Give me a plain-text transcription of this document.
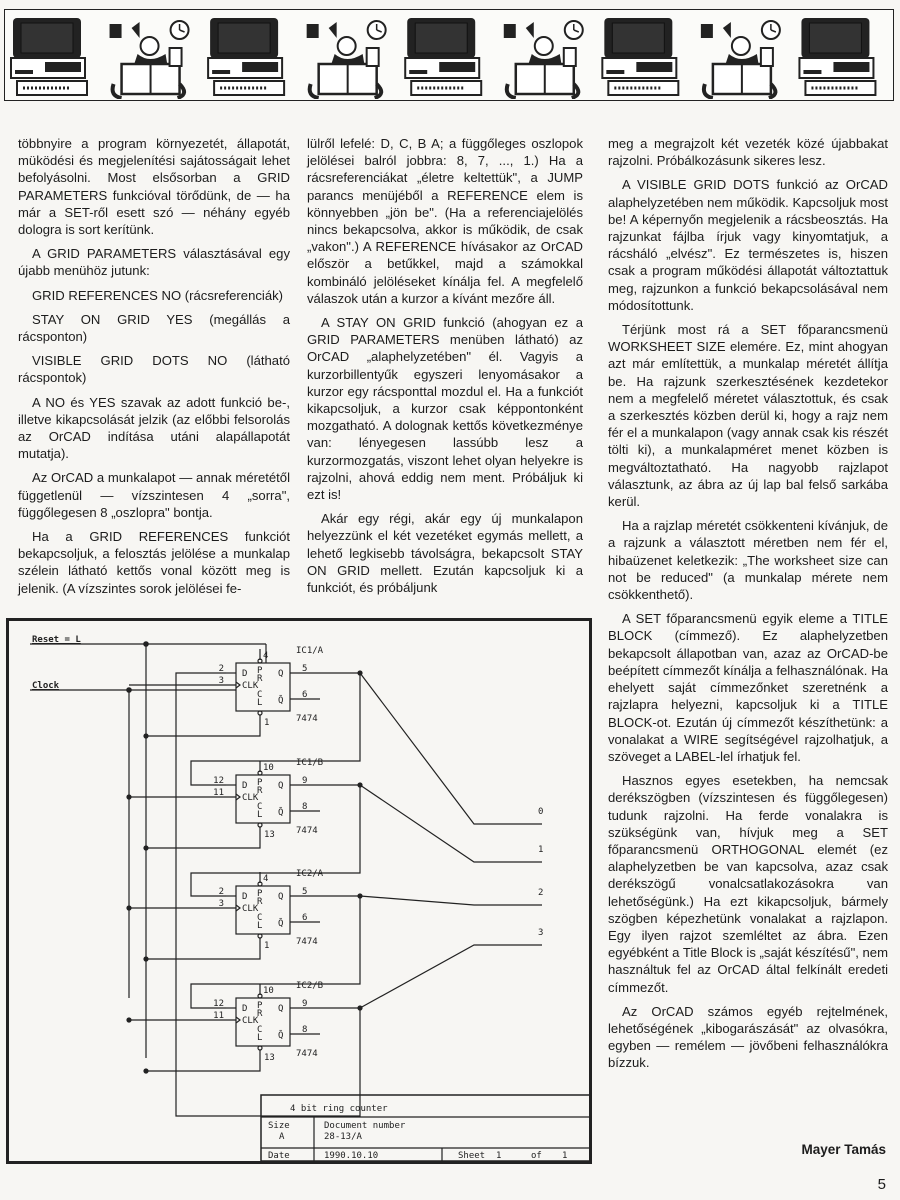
többnyire a program környezetét, állapotát, müködési és megjelenítési sajátosságait lehet befolyásolni. Most elsősorban a GRID PARAMETERS funkcióval törődünk, de — ha már a SET-ről esett szó — néhány egyéb dologra is sort kerítünk.

A GRID PARAMETERS választásával egy újabb menühöz jutunk:

GRID REFERENCES NO (rácsreferenciák)

STAY ON GRID YES (megállás a rácsponton)

VISIBLE GRID DOTS NO (látható rácspontok)

A NO és YES szavak az adott funkció be-, illetve kikapcsolását jelzik (az előbbi felsorolás az OrCAD indítása utáni alapállapotát mutatja).

Az OrCAD a munkalapot — annak méretétől függetlenül — vízszintesen 4 „sorra", függőlegesen 8 „oszlopra" bontja.

Ha a GRID REFERENCES funkciót bekapcsoljuk, a felosztás jelölése a munkalap szélein látható kettős vonal között meg is jelenik. (A vízszintes sorok jelölései fe-

lülről lefelé: D, C, B A; a függőleges oszlopok jelölései balról jobbra: 8, 7, ..., 1.) Ha a rácsreferenciákat „életre keltettük", a JUMP parancs menüjéből a REFERENCE elem is könnyebben „jön be". (Ha a referenciajelölés nincs bekapcsolva, akkor is működik, de csak „vakon".) A REFERENCE hívásakor az OrCAD először a betűkkel, majd a számokkal kombináló jelöléseket kínálja fel. A megfelelő válaszok után a kurzor a kívánt mezőre áll.

A STAY ON GRID funkció (ahogyan ez a GRID PARAMETERS menüben látható) az OrCAD „alaphelyzetében" él. Vagyis a kurzorbillentyűk egyszeri lenyomásakor a kurzor egy rácsponttal mozdul el. Ha a funkciót kikapcsoljuk, a kurzor csak képpontonként mozgatható. A dolognak kettős következménye van: lényegesen lassúbb lesz a kurzormozgatás, viszont lehet olyan helyekre is rajzolni, ahová eddig nem ment. Próbáljuk ki ezt is!

Akár egy régi, akár egy új munkalapon helyezzünk el két vezetéket egymás mellett, a lehető legkisebb távolságra, bekapcsolt STAY ON GRID mellett. Ezután kapcsoljuk ki a funkciót, és próbáljunk

meg a megrajzolt két vezeték közé újabbakat rajzolni. Próbálkozásunk sikeres lesz.

A VISIBLE GRID DOTS funkció az OrCAD alaphelyzetében nem működik. Kapcsoljuk most be! A képernyőn megjelenik a rácsbeosztás. Ha rajzunkat fájlba írjuk vagy kinyomtatjuk, a rácsháló „elvész". Ez természetes is, hiszen csak a program működési állapotát változtattuk meg, rajzunkon a funkció bekapcsolásával nem módosítottunk.

Térjünk most rá a SET főparancsmenü WORKSHEET SIZE elemére. Ez, mint ahogyan azt már említettük, a munkalap méretét állítja be. Ha rajzunk szerkesztésének kezdetekor nem a megfelelő méretet választottuk, és csak a szerkesztés közben derül ki, hogy a rajz nem fér el a munkalapon (vagy annak csak kis részét tölti ki), a munkalapméret menet közben is megváltoztatható. Ha nagyobb rajzlapot választunk, az ábra az új lap bal felső sarkába kerül.

Ha a rajzlap méretét csökkenteni kívánjuk, de a rajzunk a választott méretben nem fér el, hibaüzenet keletkezik: „The worksheet size can not be reduced" (a munkalap mérete nem csökkenthető).

A SET főparancsmenü egyik eleme a TITLE BLOCK (címmező). Ez alaphelyzetben bekapcsolt állapotban van, azaz az OrCAD-be beépített címmezőt kínálja a felhasználónak. Ha ehelyett saját címmezőnket szeretnénk a rajzlapra helyezni, kapcsoljuk ki a TITLE BLOCK-ot. Ezután új címmezőt készíthetünk: a vonalakat a WIRE segítségével rajzolhatjuk, a szöveget a LABEL-lel írhatjuk fel.

Hasznos egyes esetekben, ha nemcsak derékszögben (vízszintesen és függőlegesen) tudunk rajzolni. Ha ferde vonalakra is szükségünk van, hívjuk meg a SET főparancsmenü ORTHOGONAL elemét (ez alaphelyzetben be van kapcsolva, azaz csak derékszögű vonalcsatlakozásokra van lehetőségünk.) Ha ezt kikapcsoljuk, bármely szögben képezhetünk vonalakat a rajzlapon. Egy ilyen rajzot szemléltet az ábra. Ezen egyébként a Title Block is „saját készítésű", nem használtuk fel az OrCAD által felkínált eredeti címmezőt.

Az OrCAD számos egyéb rejtelmének, lehetőségének „kibogarászását" az olvasókra, egyben — remélem — jövőbeni felhasználókra bízzuk.

Mayer Tamás
5
Reset = L
Clock
D P
R Q
CLK
C
L Q̄
2
3
4
1
5
6
7474
IC1/A
D P
R Q
CLK
C
L Q̄
12
11
10
13
9
8
7474
IC1/B
D P
R Q
CLK
C
L Q̄
2
3
4
1
5
6
7474
IC2/A
D P
R Q
CLK
C
L Q̄
12
11
10
13
9
8
7474
IC2/B
0
1
2
3
4 bit ring counter
Size
A
Document number
28-13/A
Date	1990.10.10	Sheet 1	of 1
